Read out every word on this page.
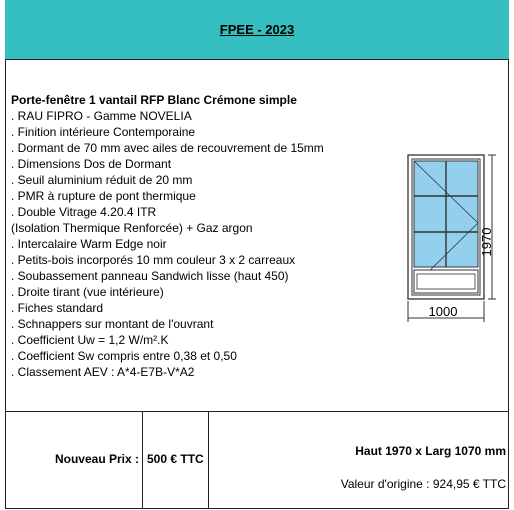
FPEE - 2023
Porte-fenêtre 1 vantail RFP Blanc Crémone simple
. RAU FIPRO - Gamme NOVELIA
. Finition intérieure Contemporaine
. Dormant de 70 mm avec ailes de recouvrement de 15mm
. Dimensions Dos de Dormant
. Seuil aluminium réduit de 20 mm
. PMR à rupture de pont thermique
. Double Vitrage 4.20.4 ITR
(Isolation Thermique Renforcée) + Gaz argon
. Intercalaire Warm Edge noir
. Petits-bois incorporés 10 mm couleur 3 x 2 carreaux
. Soubassement panneau Sandwich lisse (haut 450)
. Droite tirant (vue intérieure)
. Fiches standard
. Schnappers sur montant de l'ouvrant
. Coefficient Uw = 1,2 W/m².K
. Coefficient Sw compris entre 0,38 et 0,50
. Classement AEV : A*4-E7B-V*A2
1970
1000
Nouveau Prix : 500 € TTC
Haut 1970 x Larg 1070 mm
Valeur d'origine : 924,95 € TTC
